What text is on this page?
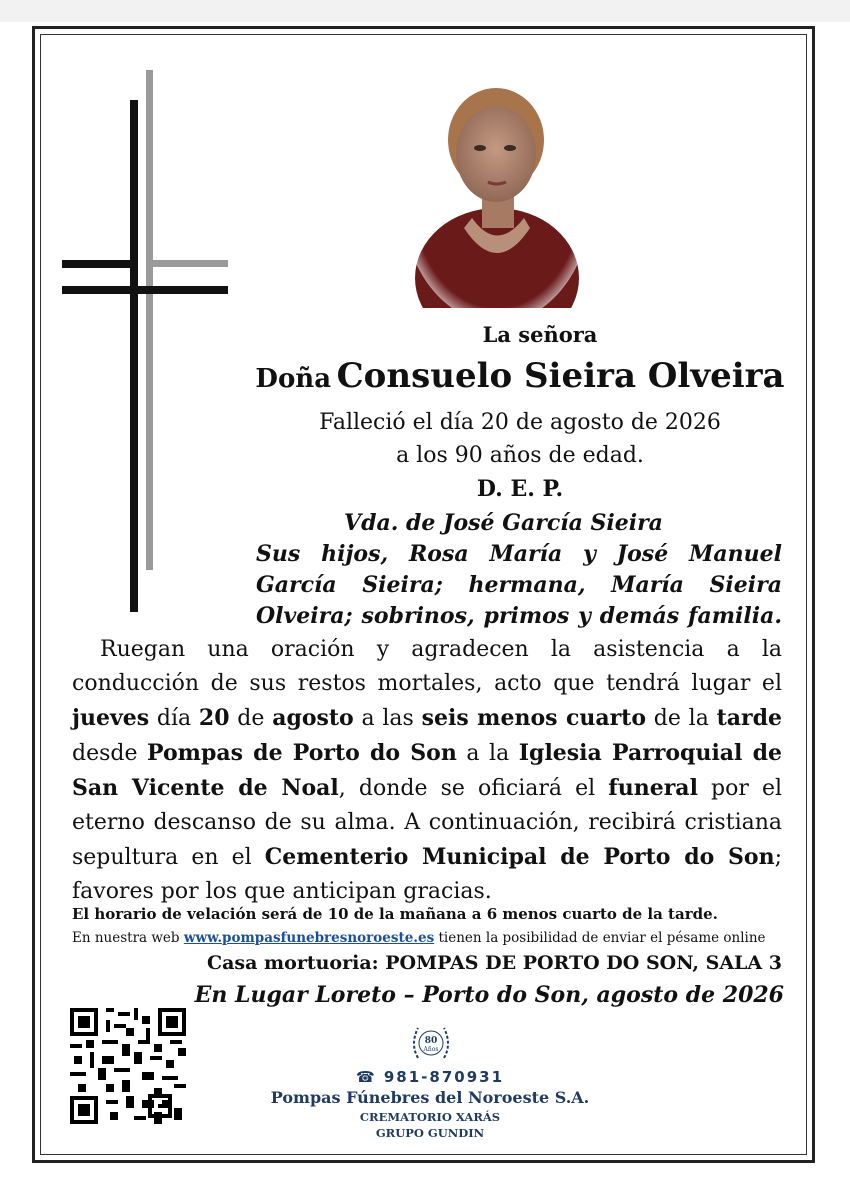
La señora
Doña Consuelo Sieira Olveira
Falleció el día 20 de agosto de 2026
a los 90 años de edad.
D. E. P.
Vda. de José García Sieira
Sus hijos, Rosa María y José Manuel
García Sieira; hermana, María Sieira
Olveira; sobrinos, primos y demás familia.
Ruegan una oración y agradecen la asistencia a la conducción de sus restos mortales, acto que tendrá lugar el jueves día 20 de agosto a las seis menos cuarto de la tarde desde Pompas de Porto do Son a la Iglesia Parroquial de San Vicente de Noal, donde se oficiará el funeral por el eterno descanso de su alma. A continuación, recibirá cristiana sepultura en el Cementerio Municipal de Porto do Son; favores por los que anticipan gracias.
El horario de velación será de 10 de la mañana a 6 menos cuarto de la tarde.
En nuestra web www.pompasfunebresnoroeste.es tienen la posibilidad de enviar el pésame online
Casa mortuoria: POMPAS DE PORTO DO SON, SALA 3
En Lugar Loreto – Porto do Son, agosto de 2026
80
Años
☎ 981-870931
Pompas Fúnebres del Noroeste S.A.
CREMATORIO XARÁS
GRUPO GUNDIN
